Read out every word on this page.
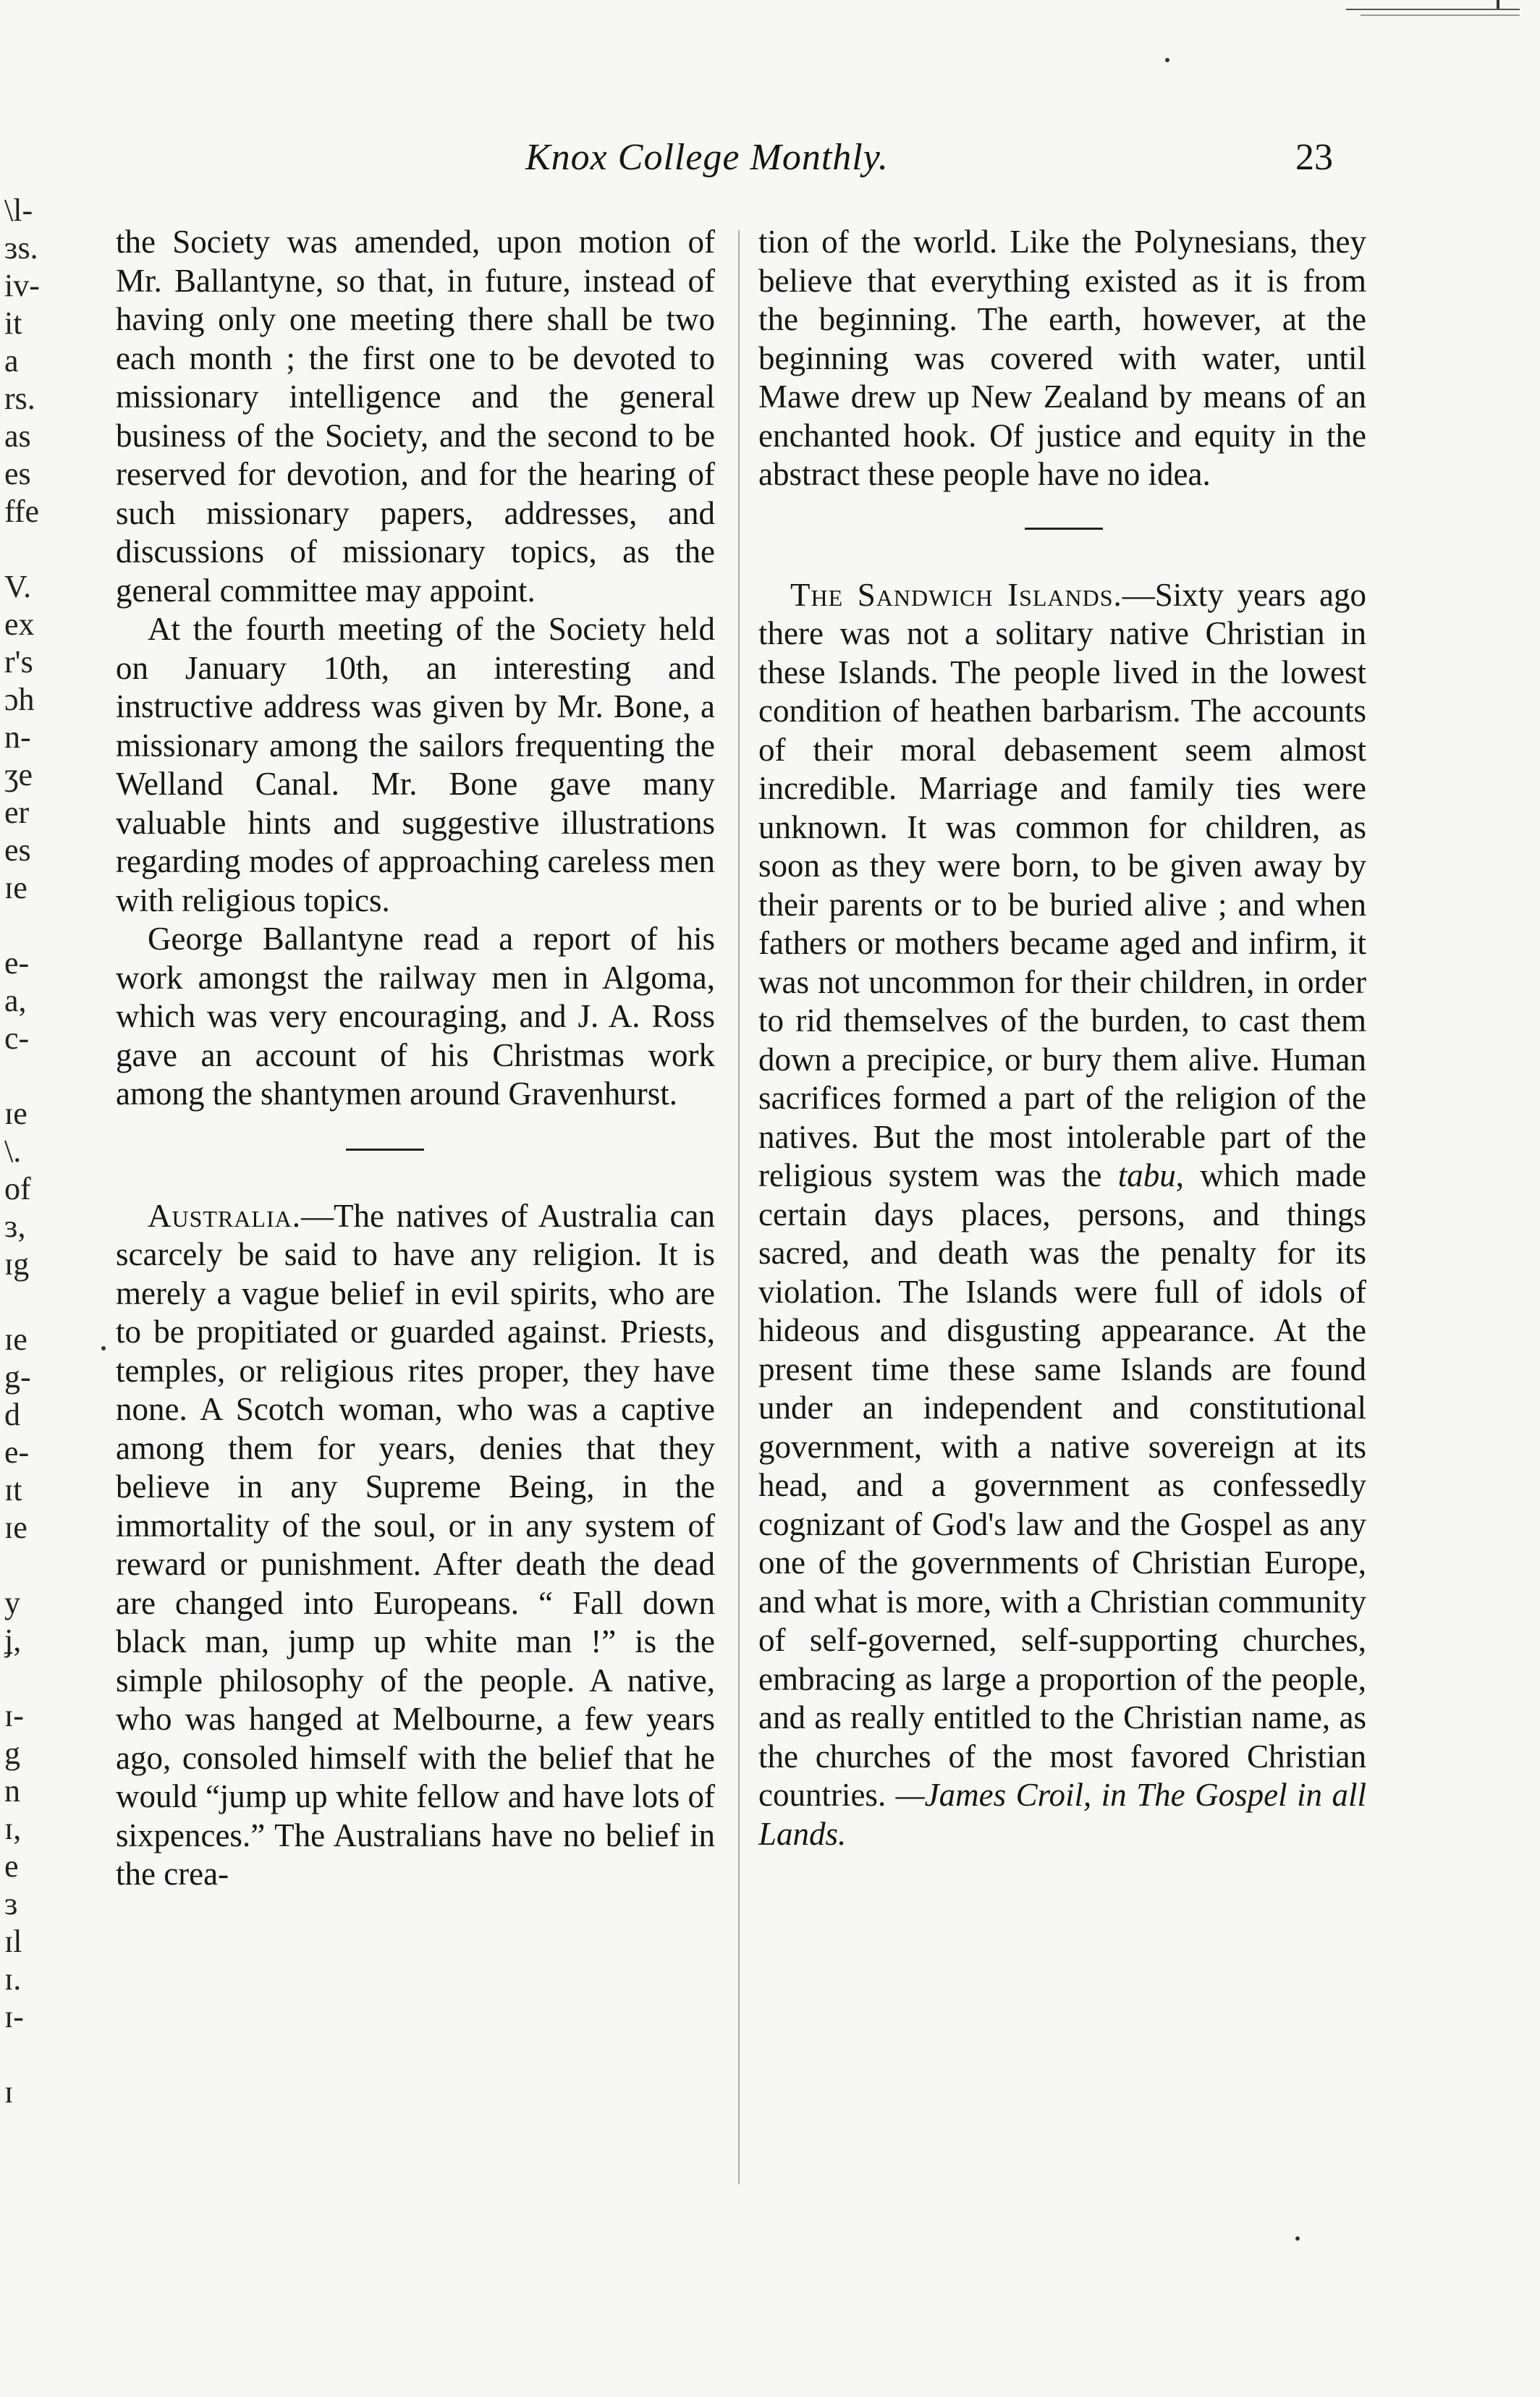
Knox College Monthly.	23
\l-
ɜs.
iv-
it
a
rs.
as
es
ffe
V.
ex
r's
ɔh
n-
ʒe
er
es
ɪe
e-
a,
c-
ɪe
\.
of
ɜ,
ɪg
ɪe
g-
d
e-
ɪt
ɪe
y
ʝ,
ɪ-
g
n
ɪ,
e
ɜ
ɪl
ɪ.
ɪ-
ɪ

the Society was amended, upon motion of Mr. Ballantyne, so that, in future, instead of having only one meeting there shall be two each month ; the first one to be devoted to missionary intelligence and the general business of the Society, and the second to be reserved for devotion, and for the hearing of such missionary papers, addresses, and discussions of missionary topics, as the general committee may appoint.

At the fourth meeting of the Society held on January 10th, an interesting and instructive address was given by Mr. Bone, a missionary among the sailors frequenting the Welland Canal. Mr. Bone gave many valuable hints and suggestive illustrations regarding modes of approaching careless men with religious topics.

George Ballantyne read a report of his work amongst the railway men in Algoma, which was very encouraging, and J. A. Ross gave an account of his Christmas work among the shantymen around Gravenhurst.

Australia.—The natives of Australia can scarcely be said to have any religion. It is merely a vague belief in evil spirits, who are to be propitiated or guarded against. Priests, temples, or religious rites proper, they have none. A Scotch woman, who was a captive among them for years, denies that they believe in any Supreme Being, in the immortality of the soul, or in any system of reward or punishment. After death the dead are changed into Europeans. “ Fall down black man, jump up white man !” is the simple philosophy of the people. A native, who was hanged at Melbourne, a few years ago, consoled himself with the belief that he would “jump up white fellow and have lots of sixpences.” The Australians have no belief in the crea-

tion of the world. Like the Polynesians, they believe that everything existed as it is from the beginning. The earth, however, at the beginning was covered with water, until Mawe drew up New Zealand by means of an enchanted hook. Of justice and equity in the abstract these people have no idea.

The Sandwich Islands.—Sixty years ago there was not a solitary native Christian in these Islands. The people lived in the lowest condition of heathen barbarism. The accounts of their moral debasement seem almost incredible. Marriage and family ties were unknown. It was common for children, as soon as they were born, to be given away by their parents or to be buried alive ; and when fathers or mothers became aged and infirm, it was not uncommon for their children, in order to rid themselves of the burden, to cast them down a precipice, or bury them alive. Human sacrifices formed a part of the religion of the natives. But the most intolerable part of the religious system was the tabu, which made certain days places, persons, and things sacred, and death was the penalty for its violation. The Islands were full of idols of hideous and disgusting appearance. At the present time these same Islands are found under an independent and constitutional government, with a native sovereign at its head, and a government as confessedly cognizant of God's law and the Gospel as any one of the governments of Christian Europe, and what is more, with a Christian community of self-governed, self-supporting churches, embracing as large a proportion of the people, and as really entitled to the Christian name, as the churches of the most favored Christian countries. —James Croil, in The Gospel in all Lands.
